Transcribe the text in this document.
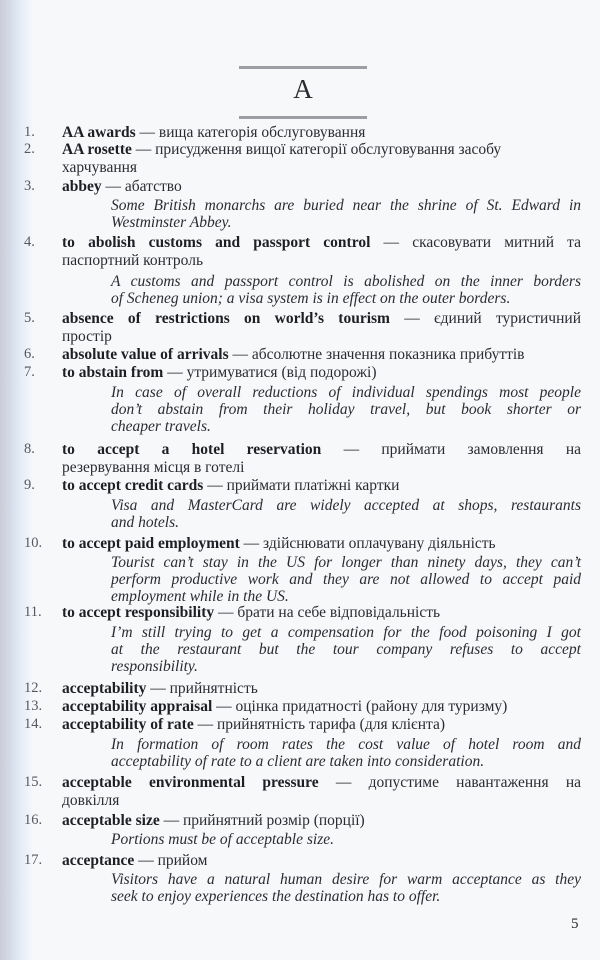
A
1. AA awards — вища категорія обслуговування
2. AA rosette — присудження вищої категорії обслуговування засобу
харчування
3. abbey — абатство
Some British monarchs are buried near the shrine of St. Edward in
Westminster Abbey.
4. to abolish customs and passport control — скасовувати митний та
паспортний контроль
A customs and passport control is abolished on the inner borders
of Scheneg union; a visa system is in effect on the outer borders.
5. absence of restrictions on world’s tourism — єдиний туристичний
простір
6. absolute value of arrivals — абсолютне значення показника прибуттів
7. to abstain from — утримуватися (від подорожі)
In case of overall reductions of individual spendings most people
don’t abstain from their holiday travel, but book shorter or
cheaper travels.
8. to accept a hotel reservation — приймати замовлення на
резервування місця в готелі
9. to accept credit cards — приймати платіжні картки
Visa and MasterCard are widely accepted at shops, restaurants
and hotels.
10. to accept paid employment — здійснювати оплачувану діяльність
Tourist can’t stay in the US for longer than ninety days, they can’t
perform productive work and they are not allowed to accept paid
employment while in the US.
11. to accept responsibility — брати на себе відповідальність
I’m still trying to get a compensation for the food poisoning I got
at the restaurant but the tour company refuses to accept
responsibility.
12. acceptability — прийнятність
13. acceptability appraisal — оцінка придатності (району для туризму)
14. acceptability of rate — прийнятність тарифа (для клієнта)
In formation of room rates the cost value of hotel room and
acceptability of rate to a client are taken into consideration.
15. acceptable environmental pressure — допустиме навантаження на
довкілля
16. acceptable size — прийнятний розмір (порції)
Portions must be of acceptable size.
17. acceptance — прийом
Visitors have a natural human desire for warm acceptance as they
seek to enjoy experiences the destination has to offer.
5
